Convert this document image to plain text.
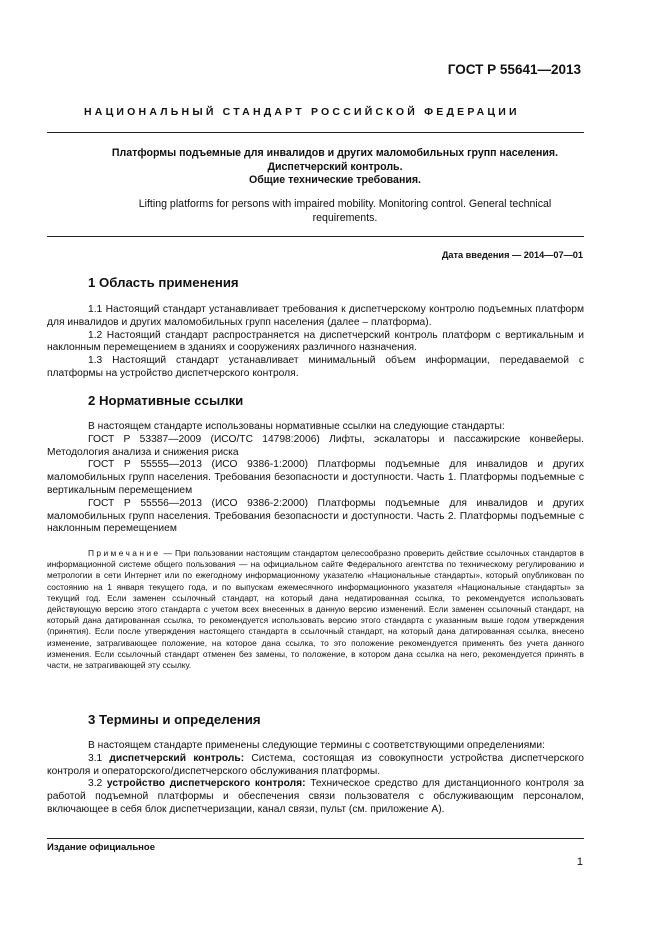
ГОСТ Р 55641—2013
НАЦИОНАЛЬНЫЙ СТАНДАРТ РОССИЙСКОЙ ФЕДЕРАЦИИ
Платформы подъемные для инвалидов и других маломобильных групп населения.
Диспетчерский контроль.
Общие технические требования.
Lifting platforms for persons with impaired mobility. Monitoring control. General technical requirements.
Дата введения — 2014—07—01
1 Область применения

1.1 Настоящий стандарт устанавливает требования к диспетчерскому контролю подъемных платформ для инвалидов и других маломобильных групп населения (далее – платформа).

1.2 Настоящий стандарт распространяется на диспетчерский контроль платформ с вертикальным и наклонным перемещением в зданиях и сооружениях различного назначения.

1.3 Настоящий стандарт устанавливает минимальный объем информации, передаваемой с платформы на устройство диспетчерского контроля.

2 Нормативные ссылки

В настоящем стандарте использованы нормативные ссылки на следующие стандарты:

ГОСТ Р 53387—2009 (ИСО/ТС 14798:2006) Лифты, эскалаторы и пассажирские конвейеры. Методология анализа и снижения риска

ГОСТ Р 55555—2013 (ИСО 9386-1:2000) Платформы подъемные для инвалидов и других маломобильных групп населения. Требования безопасности и доступности. Часть 1. Платформы подъемные с вертикальным перемещением

ГОСТ Р 55556—2013 (ИСО 9386-2:2000) Платформы подъемные для инвалидов и других маломобильных групп населения. Требования безопасности и доступности. Часть 2. Платформы подъемные с наклонным перемещением

Примечание — При пользовании настоящим стандартом целесообразно проверить действие ссылочных стандартов в информационной системе общего пользования — на официальном сайте Федерального агентства по техническому регулированию и метрологии в сети Интернет или по ежегодному информационному указателю «Национальные стандарты», который опубликован по состоянию на 1 января текущего года, и по выпускам ежемесячного информационного указателя «Национальные стандарты» за текущий год. Если заменен ссылочный стандарт, на который дана недатированная ссылка, то рекомендуется использовать действующую версию этого стандарта с учетом всех внесенных в данную версию изменений. Если заменен ссылочный стандарт, на который дана датированная ссылка, то рекомендуется использовать версию этого стандарта с указанным выше годом утверждения (принятия). Если после утверждения настоящего стандарта в ссылочный стандарт, на который дана датированная ссылка, внесено изменение, затрагивающее положение, на которое дана ссылка, то это положение рекомендуется применять без учета данного изменения. Если ссылочный стандарт отменен без замены, то положение, в котором дана ссылка на него, рекомендуется принять в части, не затрагивающей эту ссылку.
3 Термины и определения

В настоящем стандарте применены следующие термины с соответствующими определениями:

3.1 диспетчерский контроль: Система, состоящая из совокупности устройства диспетчерского контроля и операторского/диспетчерского обслуживания платформы.

3.2 устройство диспетчерского контроля: Техническое средство для дистанционного контроля за работой подъемной платформы и обеспечения связи пользователя с обслуживающим персоналом, включающее в себя блок диспетчеризации, канал связи, пульт (см. приложение А).

Издание официальное
1
